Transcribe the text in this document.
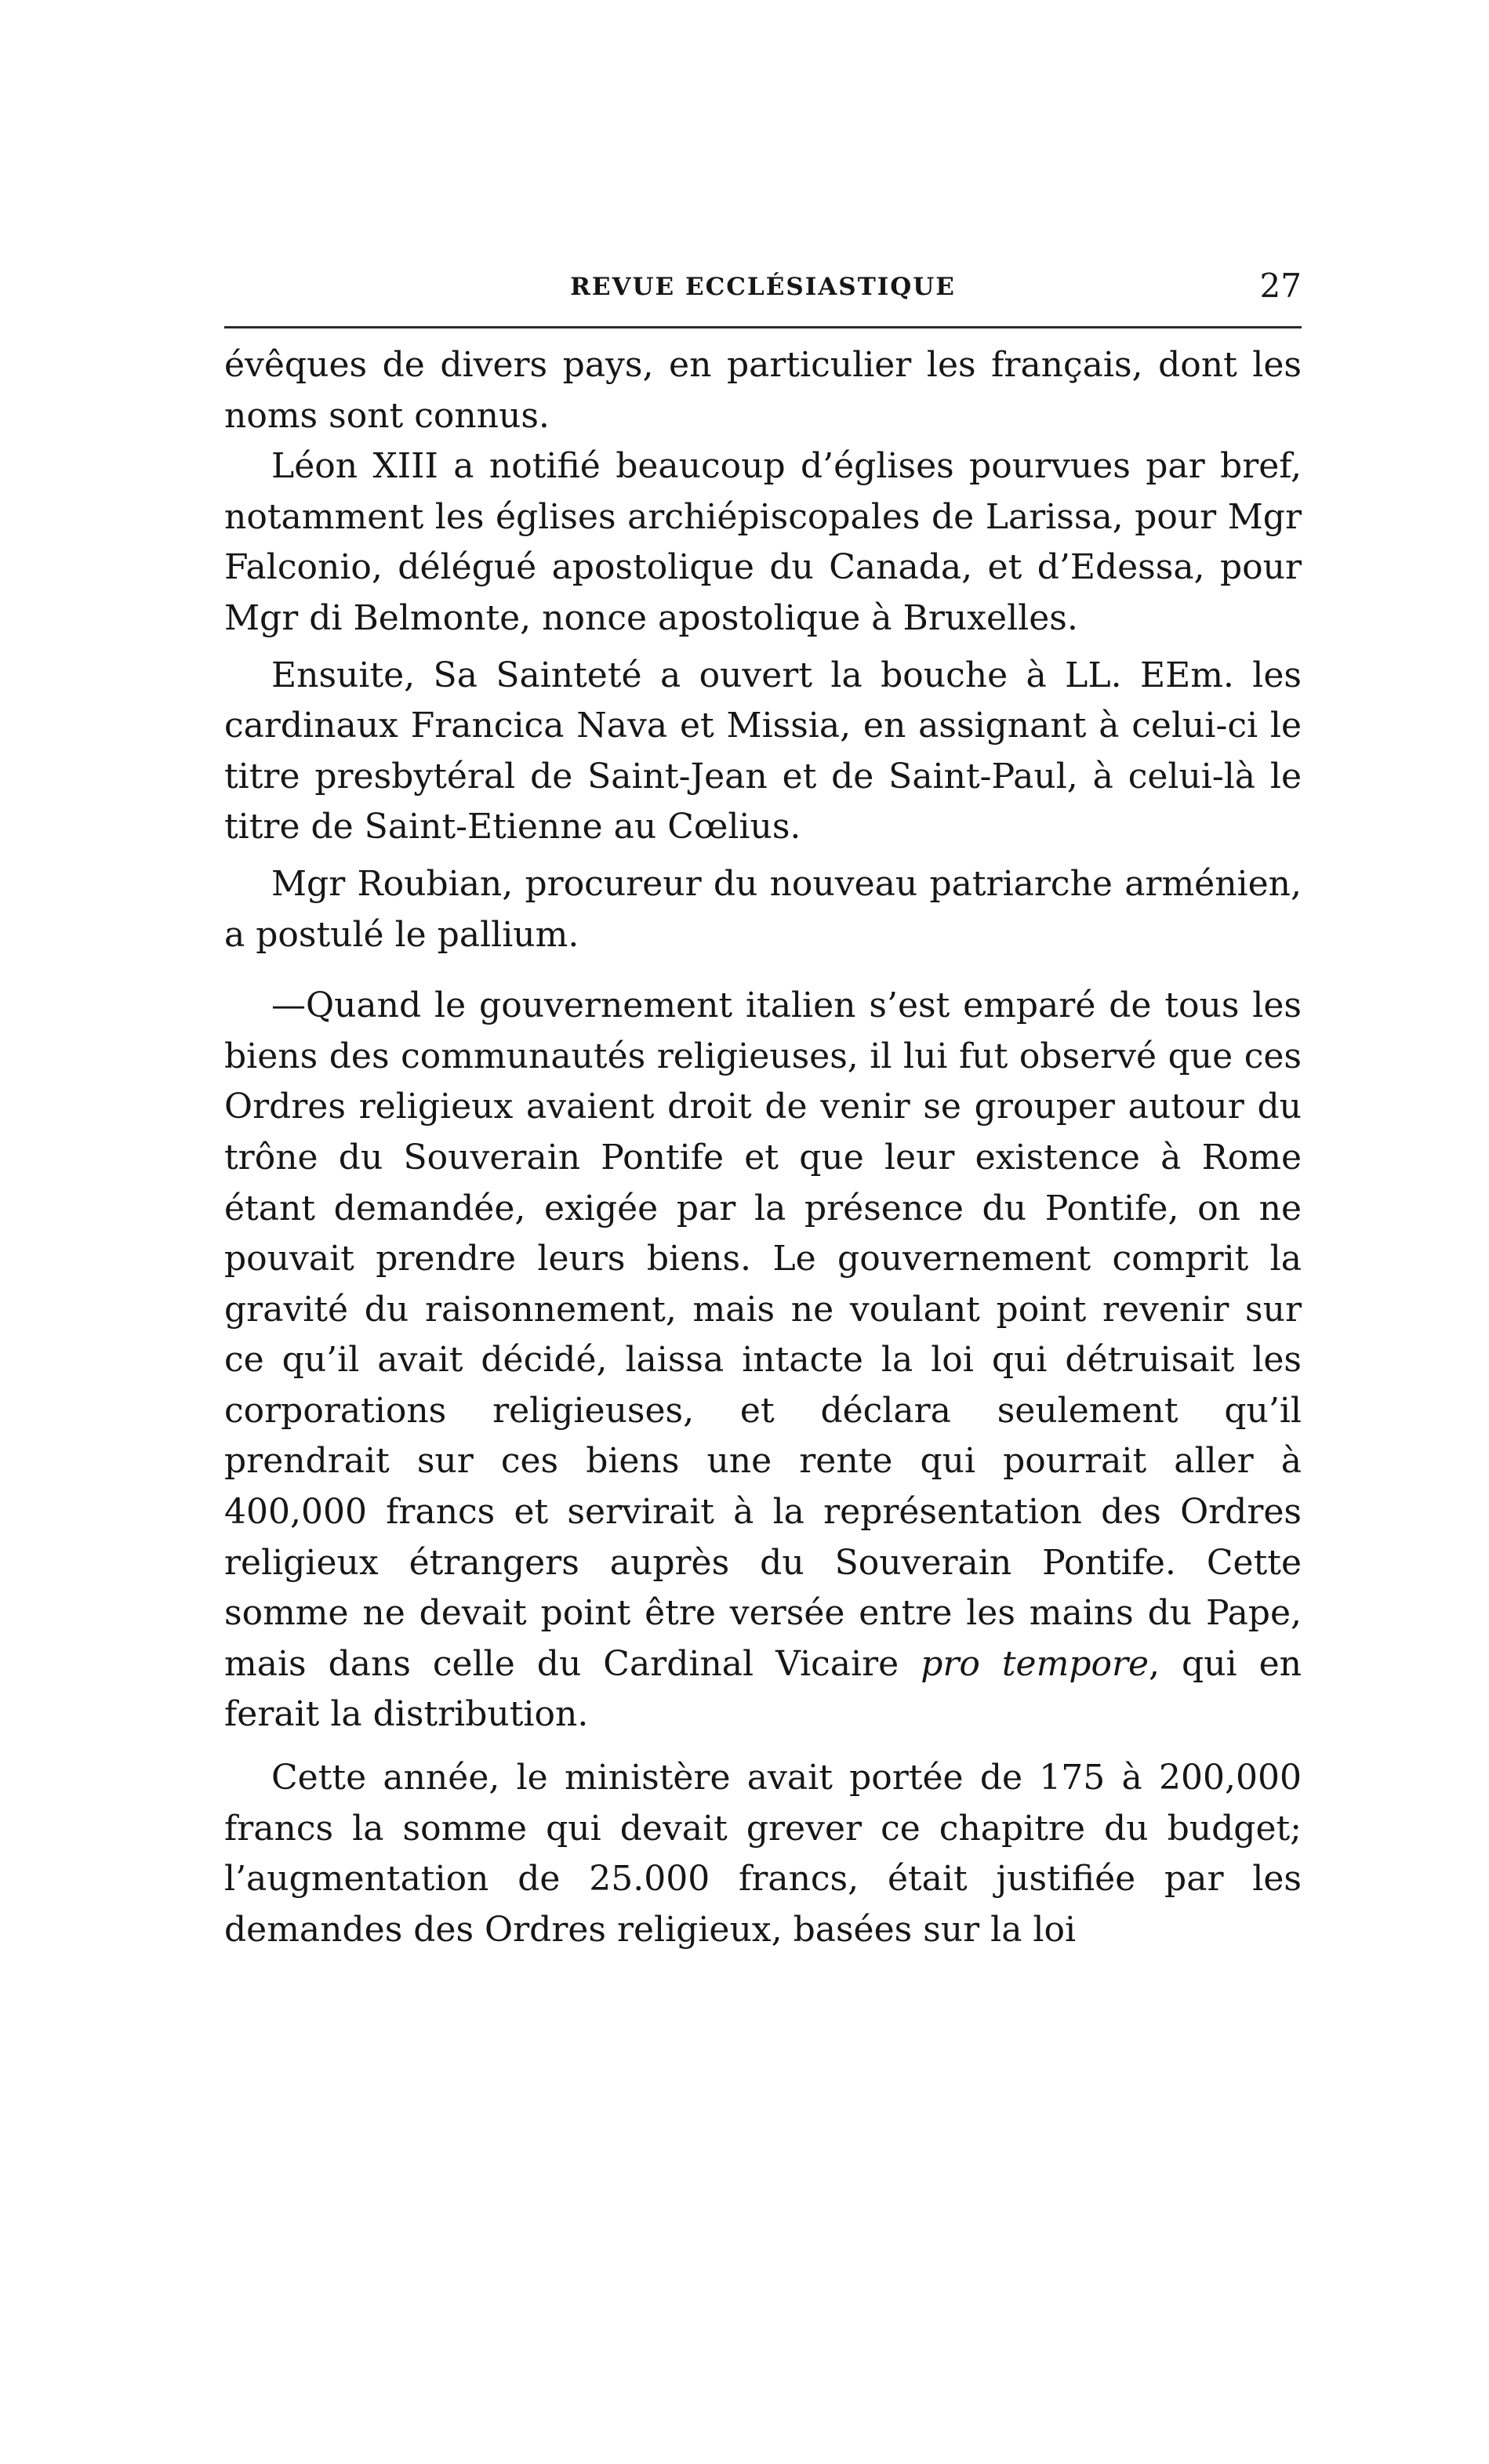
REVUE ECCLÉSIASTIQUE	27

évêques de divers pays, en particulier les français, dont les noms sont connus.

Léon XIII a notifié beaucoup d’églises pourvues par bref, notamment les églises archiépiscopales de Larissa, pour Mgr Falconio, délégué apostolique du Canada, et d’Edessa, pour Mgr di Belmonte, nonce apostolique à Bruxelles.

Ensuite, Sa Sainteté a ouvert la bouche à LL. EEm. les cardinaux Francica Nava et Missia, en assignant à celui-ci le titre presbytéral de Saint-Jean et de Saint-Paul, à celui-là le titre de Saint-Etienne au Cœlius.

Mgr Roubian, procureur du nouveau patriarche arménien, a postulé le pallium.

—Quand le gouvernement italien s’est emparé de tous les biens des communautés religieuses, il lui fut observé que ces Ordres religieux avaient droit de venir se grouper autour du trône du Souverain Pontife et que leur existence à Rome étant demandée, exigée par la présence du Pontife, on ne pouvait prendre leurs biens. Le gouvernement comprit la gravité du raisonnement, mais ne voulant point revenir sur ce qu’il avait décidé, laissa intacte la loi qui détruisait les corporations religieuses, et déclara seulement qu’il prendrait sur ces biens une rente qui pourrait aller à 400,000 francs et servirait à la représentation des Ordres religieux étrangers auprès du Souverain Pontife. Cette somme ne devait point être versée entre les mains du Pape, mais dans celle du Cardinal Vicaire pro tempore, qui en ferait la distribution.

Cette année, le ministère avait portée de 175 à 200,000 francs la somme qui devait grever ce chapitre du budget; l’augmentation de 25.000 francs, était justifiée par les demandes des Ordres religieux, basées sur la loi
